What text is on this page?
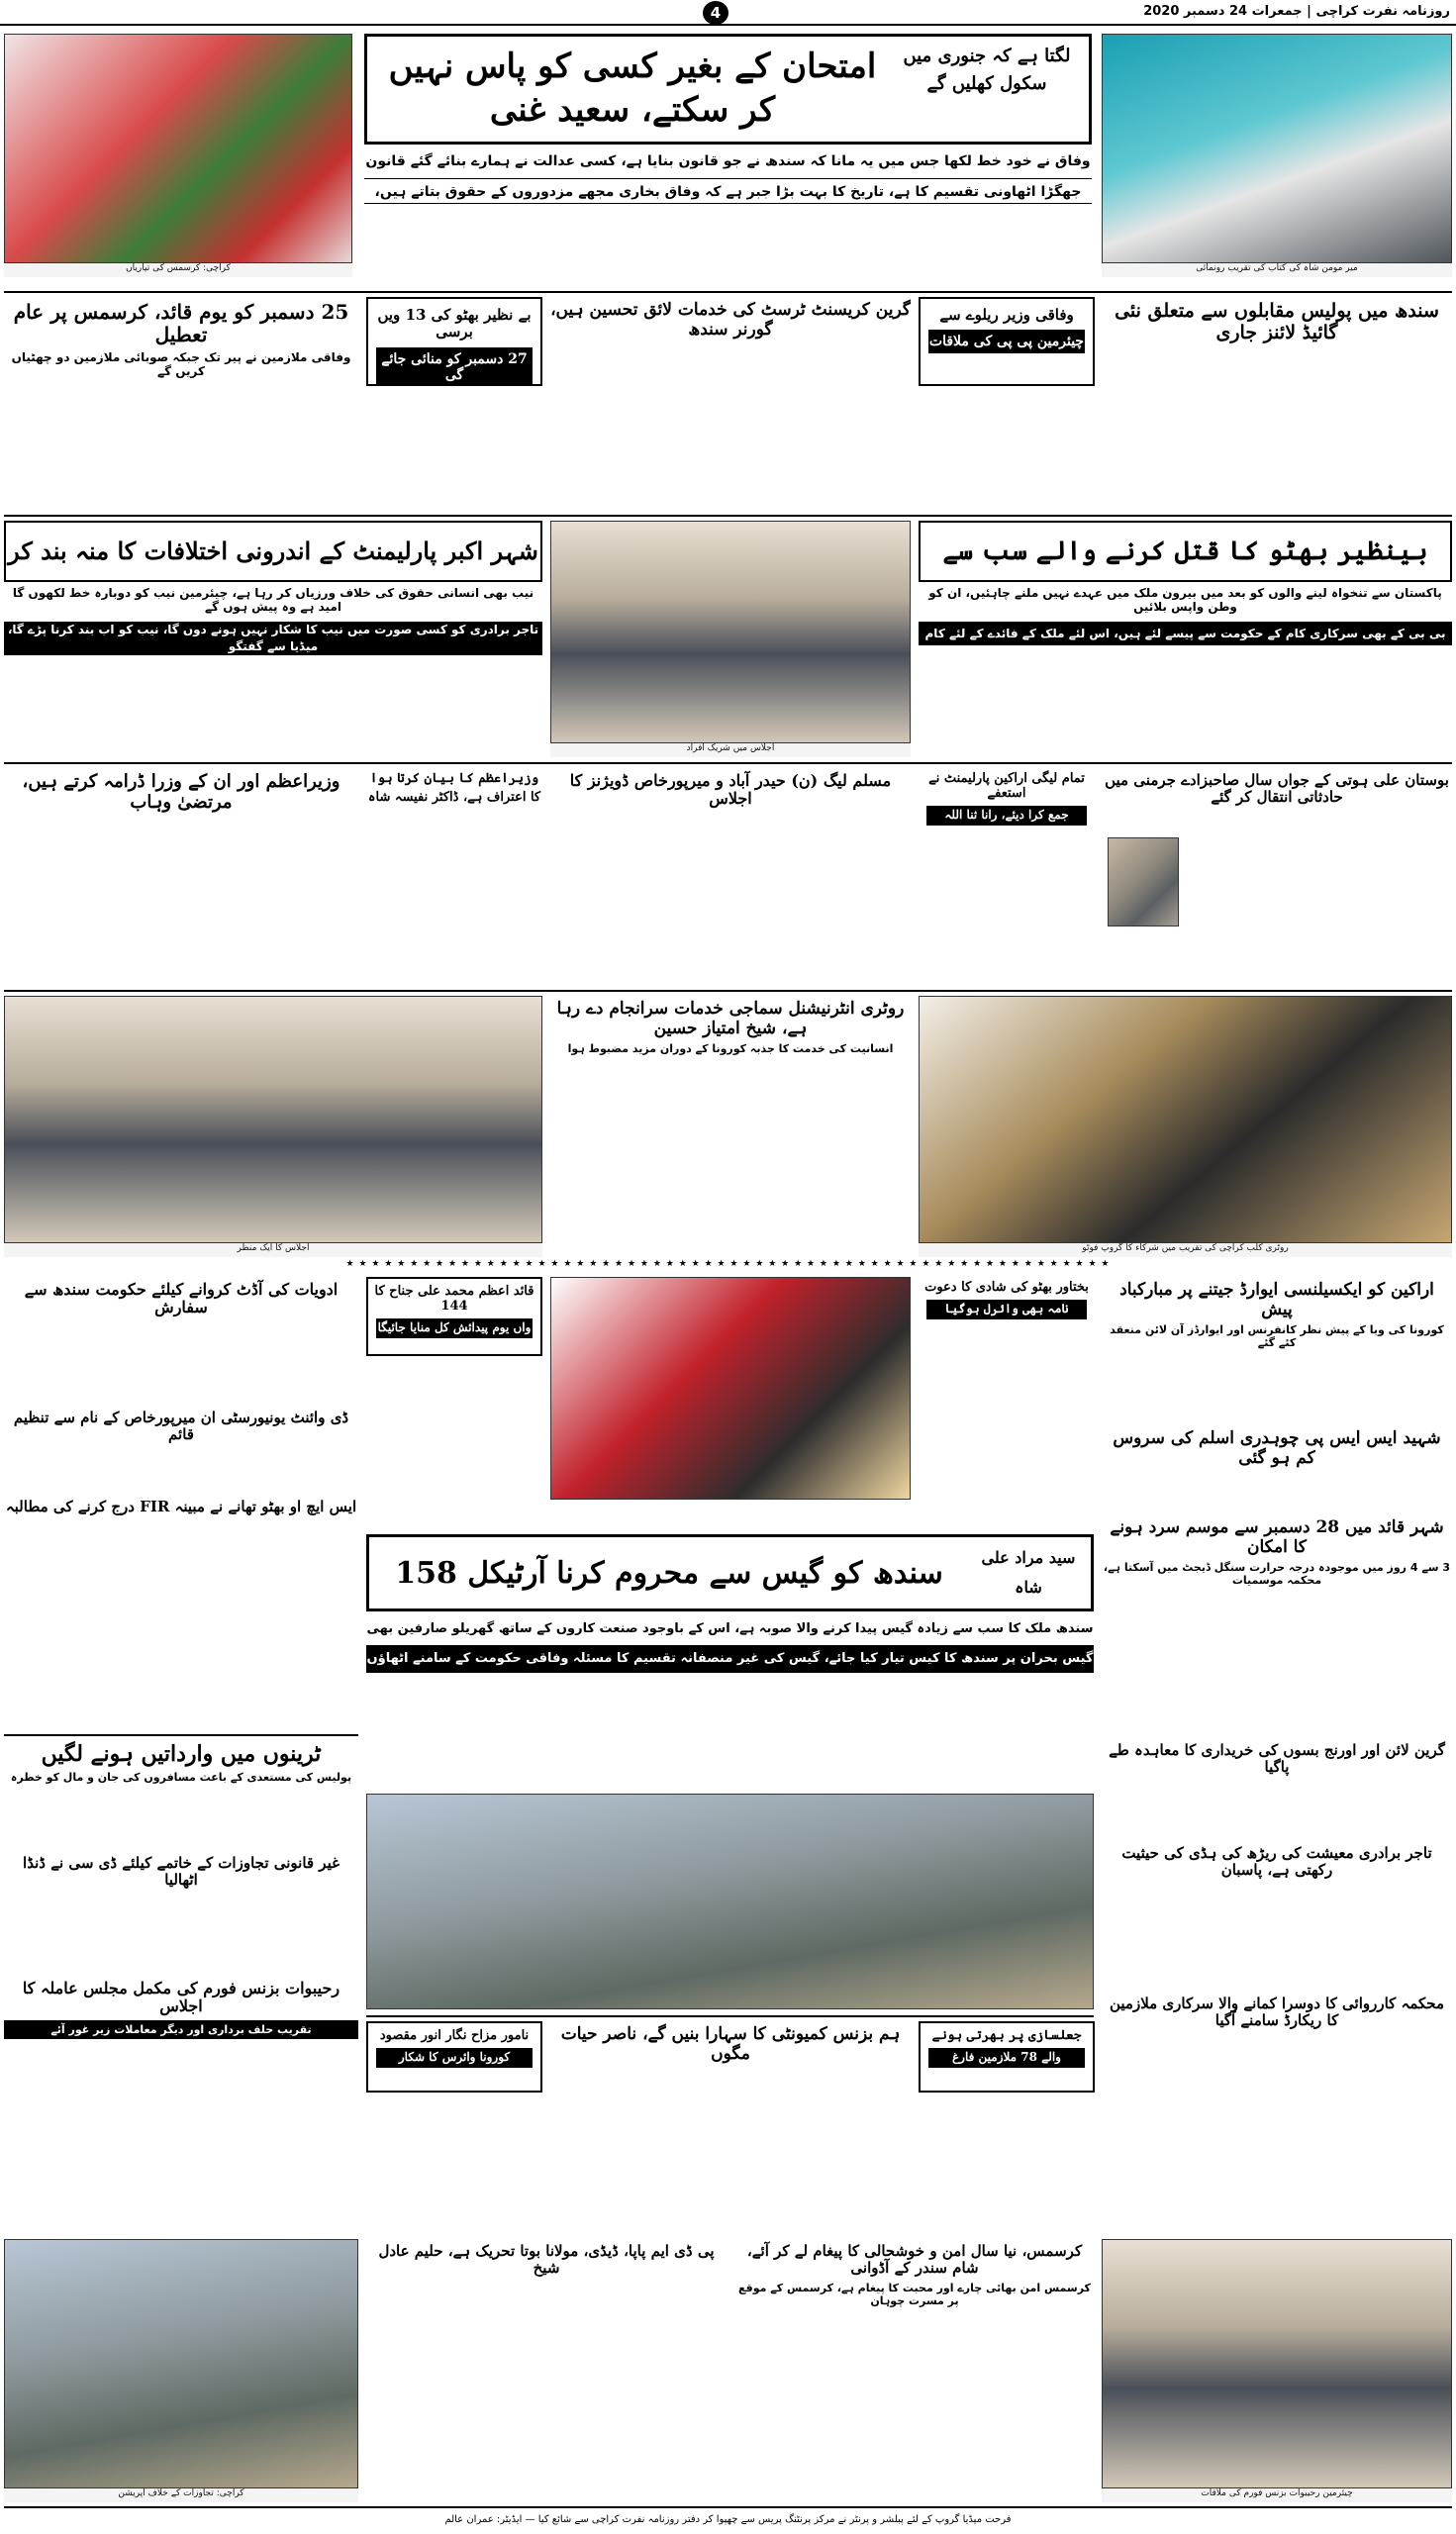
روزنامہ نفرت کراچی | جمعرات 24 دسمبر 2020
4
کراچی: کرسمس کی تیاریاں
لگتا ہے کہ جنوری میں سکول کھلیں گے
امتحان کے بغیر کسی کو پاس نہیں کر سکتے، سعید غنی
وفاق نے خود خط لکھا جس میں یہ مانا کہ سندھ نے جو قانون بنایا ہے، کسی عدالت نے ہمارے بنائے گئے قانون
جھگڑا اٹھاونی تقسیم کا ہے، تاریخ کا بہت بڑا جبر ہے کہ وفاق بخاری مجھے مزدوروں کے حقوق بتاتے ہیں،
میر مومن شاہ کی کتاب کی تقریب رونمائی
سندھ میں پولیس مقابلوں سے متعلق نئی گائیڈ لائنز جاری
وفاقی وزیر ریلوے سے
چیئرمین پی پی کی ملاقات
گرین کریسنٹ ٹرسٹ کی خدمات لائق تحسین ہیں، گورنر سندھ
بے نظیر بھٹو کی 13 ویں برسی
27 دسمبر کو منائی جائے گی
25 دسمبر کو یوم قائد، کرسمس پر عام تعطیل
وفاقی ملازمین نے پیر تک جبکہ صوبائی ملازمین دو چھٹیاں کریں گے
بینظیر بھٹو کا قتل کرنے والے سب سے
پاکستان سے تنخواہ لینے والوں کو بعد میں بیرون ملک میں عہدے نہیں ملنے چاہئیں، ان کو وطن واپس بلائیں
بی بی کے بھی سرکاری کام کے حکومت سے پیسے لئے ہیں، اس لئے ملک کے فائدے کے لئے کام
اجلاس میں شریک افراد
شہر اکبر پارلیمنٹ کے اندرونی اختلافات کا منہ بند کر
نیب بھی انسانی حقوق کی خلاف ورزیاں کر رہا ہے، چیئرمین نیب کو دوبارہ خط لکھوں گا امید ہے وہ پیش ہوں گے
تاجر برادری کو کسی صورت میں نیب کا شکار نہیں ہونے دوں گا، نیب کو اب بند کرنا پڑے گا، میڈیا سے گفتگو
بوستان علی ہوتی کے جواں سال صاحبزادے جرمنی میں حادثاتی انتقال کر گئے
تمام لیگی اراکین پارلیمنٹ نے استعفے
جمع کرا دیئے، رانا ثنا اللہ
مسلم لیگ (ن) حیدر آباد و میرپورخاص ڈویژنز کا اجلاس
وزیراعظم کا بیان کرتا ہوا
کا اعتراف ہے، ڈاکٹر نفیسہ شاہ
وزیراعظم اور ان کے وزرا ڈرامہ کرتے ہیں، مرتضیٰ وہاب
روٹری کلب کراچی کی تقریب میں شرکاء کا گروپ فوٹو
روٹری انٹرنیشنل سماجی خدمات سرانجام دے رہا ہے، شیخ امتیاز حسین
انسانیت کی خدمت کا جذبہ کورونا کے دوران مزید مضبوط ہوا
اجلاس کا ایک منظر
★ ★ ★ ★ ★ ★ ★ ★ ★ ★ ★ ★ ★ ★ ★ ★ ★ ★ ★ ★ ★ ★ ★ ★ ★ ★ ★ ★ ★ ★ ★ ★ ★ ★ ★ ★ ★ ★ ★ ★ ★ ★ ★ ★ ★ ★ ★ ★ ★ ★ ★ ★ ★ ★ ★ ★ ★ ★ ★ ★
اراکین کو ایکسیلنسی ایوارڈ جیتنے پر مبارکباد پیش
کورونا کی وبا کے پیش نظر کانفرنس اور ایوارڈز آن لائن منعقد کئے گئے
بختاور بھٹو کی شادی کا دعوت
نامہ بھی وائرل ہوگیا
قائد اعظم محمد علی جناح کا 144
واں یوم پیدائش کل منایا جائیگا
ادویات کی آڈٹ کروانے کیلئے حکومت سندھ سے سفارش
شہید ایس ایس پی چوہدری اسلم کی سروس کم ہو گئی
شہر قائد میں 28 دسمبر سے موسم سرد ہونے کا امکان
3 سے 4 روز میں موجودہ درجہ حرارت سنگل ڈیجٹ میں آسکتا ہے، محکمہ موسمیات
ڈی وائنٹ یونیورسٹی ان میرپورخاص کے نام سے تنظیم قائم
ایس ایچ او بھٹو تھانے نے مبینہ FIR درج کرنے کی مطالبہ
سید مراد علی شاہ
سندھ کو گیس سے محروم کرنا آرٹیکل 158
سندھ ملک کا سب سے زیادہ گیس پیدا کرنے والا صوبہ ہے، اس کے باوجود صنعت کاروں کے ساتھ گھریلو صارفین بھی
گیس بحران پر سندھ کا کیس تیار کیا جائے، گیس کی غیر منصفانہ تقسیم کا مسئلہ وفاقی حکومت کے سامنے اٹھاؤں
ٹرینوں میں وارداتیں ہونے لگیں
پولیس کی مستعدی کے باعث مسافروں کی جان و مال کو خطرہ
غیر قانونی تجاوزات کے خاتمے کیلئے ڈی سی نے ڈنڈا اٹھالیا
رحیبوات بزنس فورم کی مکمل مجلس عاملہ کا اجلاس
تقریب حلف برداری اور دیگر معاملات زیر غور آئے
گرین لائن اور اورنج بسوں کی خریداری کا معاہدہ طے پاگیا
تاجر برادری معیشت کی ریڑھ کی ہڈی کی حیثیت رکھتی ہے، پاسبان
محکمہ کارروائی کا دوسرا کمانے والا سرکاری ملازمین کا ریکارڈ سامنے آگیا
نامور مزاح نگار انور مقصود
کورونا وائرس کا شکار
ہم بزنس کمیونٹی کا سہارا بنیں گے، ناصر حیات مگوں
جعلسازی پر بھرتی ہونے
والے 78 ملازمین فارغ
کراچی: تجاوزات کے خلاف آپریشن
پی ڈی ایم پاپا، ڈیڈی، مولانا بوتا تحریک ہے، حلیم عادل شیخ
کرسمس، نیا سال امن و خوشحالی کا پیغام لے کر آئے، شام سندر کے آڈوانی
کرسمس امن بھائی چارے اور محبت کا پیغام ہے، کرسمس کے موقع پر مسرت چوہان
چیئرمین رحیبوات بزنس فورم کی ملاقات
فرحت میڈیا گروپ کے لئے پبلشر و پرنٹر نے مرکز پرنٹنگ پریس سے چھپوا کر دفتر روزنامہ نفرت کراچی سے شائع کیا — ایڈیٹر: عمران عالم
